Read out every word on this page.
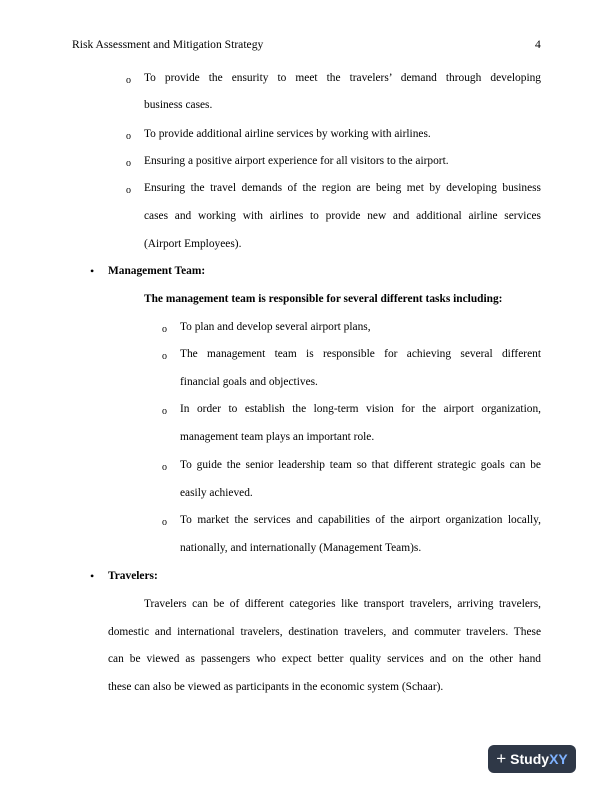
Risk Assessment and Mitigation Strategy	4
o To provide the ensurity to meet the travelers’ demand through developing
business cases.
o To provide additional airline services by working with airlines.
o Ensuring a positive airport experience for all visitors to the airport.
o Ensuring the travel demands of the region are being met by developing business
cases and working with airlines to provide new and additional airline services
(Airport Employees).
• Management Team:
The management team is responsible for several different tasks including:
o To plan and develop several airport plans,
o The management team is responsible for achieving several different
financial goals and objectives.
o In order to establish the long-term vision for the airport organization,
management team plays an important role.
o To guide the senior leadership team so that different strategic goals can be
easily achieved.
o To market the services and capabilities of the airport organization locally,
nationally, and internationally (Management Team)s.
• Travelers:
Travelers can be of different categories like transport travelers, arriving travelers,
domestic and international travelers, destination travelers, and commuter travelers. These
can be viewed as passengers who expect better quality services and on the other hand
these can also be viewed as participants in the economic system (Schaar).
+ Study XY
